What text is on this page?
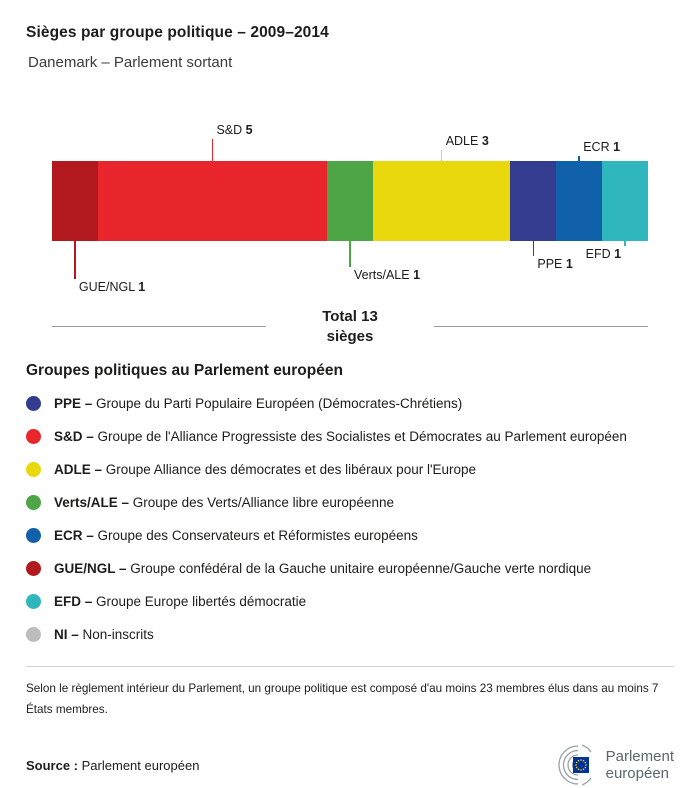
Sièges par groupe politique – 2009–2014
Danemark – Parlement sortant
GUE/NGL 1
S&D 5
Verts/ALE 1
ADLE 3
PPE 1
ECR 1
EFD 1
Total 13
sièges
Groupes politiques au Parlement européen
PPE – Groupe du Parti Populaire Européen (Démocrates-Chrétiens)
S&D – Groupe de l'Alliance Progressiste des Socialistes et Démocrates au Parlement européen
ADLE – Groupe Alliance des démocrates et des libéraux pour l'Europe
Verts/ALE – Groupe des Verts/Alliance libre européenne
ECR – Groupe des Conservateurs et Réformistes européens
GUE/NGL – Groupe confédéral de la Gauche unitaire européenne/Gauche verte nordique
EFD – Groupe Europe libertés démocratie
NI – Non-inscrits
Selon le règlement intérieur du Parlement, un groupe politique est composé d'au moins 23 membres élus dans au moins 7 États membres.
Source : Parlement européen
Parlement
européen
